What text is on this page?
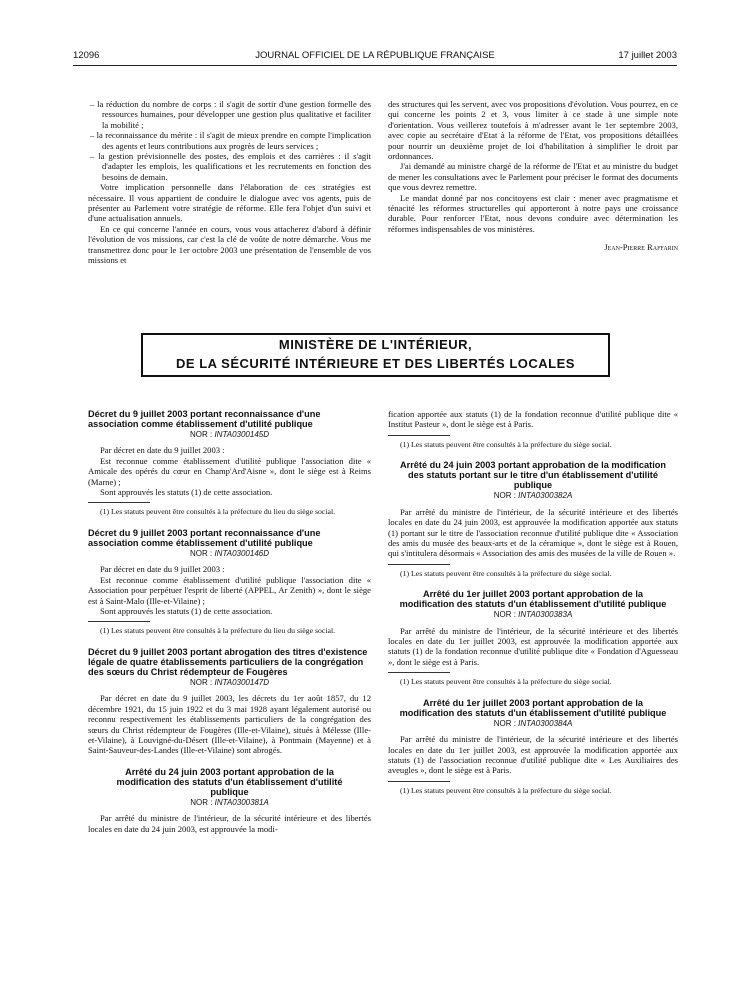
12096	JOURNAL OFFICIEL DE LA RÉPUBLIQUE FRANÇAISE	17 juillet 2003

– la réduction du nombre de corps : il s'agit de sortir d'une gestion formelle des ressources humaines, pour développer une gestion plus qualitative et faciliter la mobilité ;

– la reconnaissance du mérite : il s'agit de mieux prendre en compte l'implication des agents et leurs contributions aux progrès de leurs services ;

– la gestion prévisionnelle des postes, des emplois et des carrières : il s'agit d'adapter les emplois, les qualifications et les recrutements en fonction des besoins de demain.

Votre implication personnelle dans l'élaboration de ces stratégies est nécessaire. Il vous appartient de conduire le dialogue avec vos agents, puis de présenter au Parlement votre stratégie de réforme. Elle fera l'objet d'un suivi et d'une actualisation annuels.

En ce qui concerne l'année en cours, vous vous attacherez d'abord à définir l'évolution de vos missions, car c'est la clé de voûte de notre démarche. Vous me transmettrez donc pour le 1er octobre 2003 une présentation de l'ensemble de vos missions et

des structures qui les servent, avec vos propositions d'évolution. Vous pourrez, en ce qui concerne les points 2 et 3, vous limiter à ce stade à une simple note d'orientation. Vous veillerez toutefois à m'adresser avant le 1er septembre 2003, avec copie au secrétaire d'Etat à la réforme de l'Etat, vos propositions détaillées pour nourrir un deuxième projet de loi d'habilitation à simplifier le droit par ordonnances.

J'ai demandé au ministre chargé de la réforme de l'Etat et au ministre du budget de mener les consultations avec le Parlement pour préciser le format des documents que vous devrez remettre.

Le mandat donné par nos concitoyens est clair : mener avec pragmatisme et ténacité les réformes structurelles qui apporteront à notre pays une croissance durable. Pour renforcer l'Etat, nous devons conduire avec détermination les réformes indispensables de vos ministères.

Jean-Pierre Raffarin

MINISTÈRE DE L'INTÉRIEUR,
DE LA SÉCURITÉ INTÉRIEURE ET DES LIBERTÉS LOCALES

Décret du 9 juillet 2003 portant reconnaissance d'une association comme établissement d'utilité publique

NOR : INTA0300145D

Par décret en date du 9 juillet 2003 :

Est reconnue comme établissement d'utilité publique l'association dite « Amicale des opérés du cœur en Champ'Ard'Aisne », dont le siège est à Reims (Marne) ;

Sont approuvés les statuts (1) de cette association.

(1) Les statuts peuvent être consultés à la préfecture du lieu du siège social.

Décret du 9 juillet 2003 portant reconnaissance d'une association comme établissement d'utilité publique

NOR : INTA0300146D

Par décret en date du 9 juillet 2003 :

Est reconnue comme établissement d'utilité publique l'association dite « Association pour perpétuer l'esprit de liberté (APPEL, Ar Zenith) », dont le siège est à Saint-Malo (Ille-et-Vilaine) ;

Sont approuvés les statuts (1) de cette association.

(1) Les statuts peuvent être consultés à la préfecture du lieu du siège social.

Décret du 9 juillet 2003 portant abrogation des titres d'existence légale de quatre établissements particuliers de la congrégation des sœurs du Christ rédempteur de Fougères

NOR : INTA0300147D

Par décret en date du 9 juillet 2003, les décrets du 1er août 1857, du 12 décembre 1921, du 15 juin 1922 et du 3 mai 1928 ayant légalement autorisé ou reconnu respectivement les établissements particuliers de la congrégation des sœurs du Christ rédempteur de Fougères (Ille-et-Vilaine), situés à Mélesse (Ille-et-Vilaine), à Louvigné-du-Désert (Ille-et-Vilaine), à Pontmain (Mayenne) et à Saint-Sauveur-des-Landes (Ille-et-Vilaine) sont abrogés.

Arrêté du 24 juin 2003 portant approbation de la modification des statuts d'un établissement d'utilité publique

NOR : INTA0300381A

Par arrêté du ministre de l'intérieur, de la sécurité intérieure et des libertés locales en date du 24 juin 2003, est approuvée la modi-

fication apportée aux statuts (1) de la fondation reconnue d'utilité publique dite « Institut Pasteur », dont le siège est à Paris.

(1) Les statuts peuvent être consultés à la préfecture du siège social.

Arrêté du 24 juin 2003 portant approbation de la modification des statuts portant sur le titre d'un établissement d'utilité publique

NOR : INTA0300382A

Par arrêté du ministre de l'intérieur, de la sécurité intérieure et des libertés locales en date du 24 juin 2003, est approuvée la modification apportée aux statuts (1) portant sur le titre de l'association reconnue d'utilité publique dite « Association des amis du musée des beaux-arts et de la céramique », dont le siège est à Rouen, qui s'intitulera désormais « Association des amis des musées de la ville de Rouen ».

(1) Les statuts peuvent être consultés à la préfecture du siège social.

Arrêté du 1er juillet 2003 portant approbation de la modification des statuts d'un établissement d'utilité publique

NOR : INTA0300383A

Par arrêté du ministre de l'intérieur, de la sécurité intérieure et des libertés locales en date du 1er juillet 2003, est approuvée la modification apportée aux statuts (1) de la fondation reconnue d'utilité publique dite « Fondation d'Aguesseau », dont le siège est à Paris.

(1) Les statuts peuvent être consultés à la préfecture du siège social.

Arrêté du 1er juillet 2003 portant approbation de la modification des statuts d'un établissement d'utilité publique

NOR : INTA0300384A

Par arrêté du ministre de l'intérieur, de la sécurité intérieure et des libertés locales en date du 1er juillet 2003, est approuvée la modification apportée aux statuts (1) de l'association reconnue d'utilité publique dite « Les Auxiliaires des aveugles », dont le siège est à Paris.

(1) Les statuts peuvent être consultés à la préfecture du siège social.
